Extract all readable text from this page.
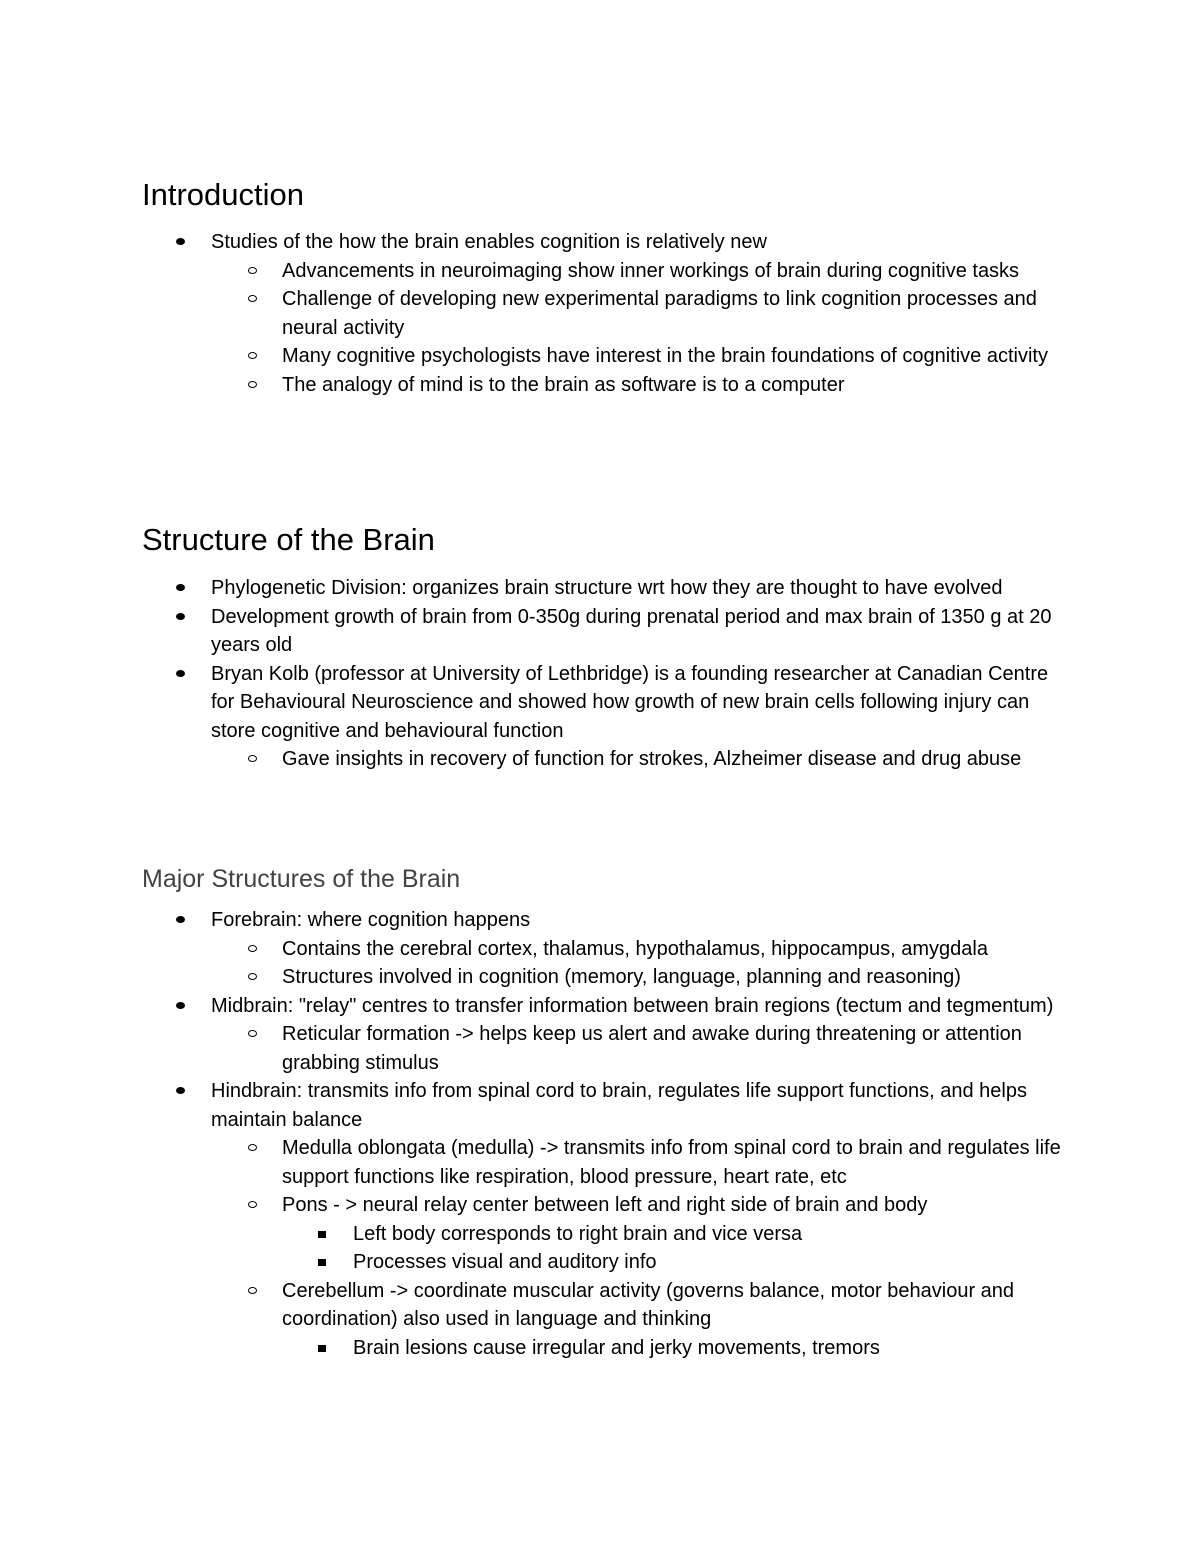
Introduction
Studies of the how the brain enables cognition is relatively new
Advancements in neuroimaging show inner workings of brain during cognitive tasks
Challenge of developing new experimental paradigms to link cognition processes and neural activity
Many cognitive psychologists have interest in the brain foundations of cognitive activity
The analogy of mind is to the brain as software is to a computer
Structure of the Brain
Phylogenetic Division: organizes brain structure wrt how they are thought to have evolved
Development growth of brain from 0-350g during prenatal period and max brain of 1350 g at 20 years old
Bryan Kolb (professor at University of Lethbridge) is a founding researcher at Canadian Centre for Behavioural Neuroscience and showed how growth of new brain cells following injury can store cognitive and behavioural function
Gave insights in recovery of function for strokes, Alzheimer disease and drug abuse
Major Structures of the Brain
Forebrain: where cognition happens
Contains the cerebral cortex, thalamus, hypothalamus, hippocampus, amygdala
Structures involved in cognition (memory, language, planning and reasoning)
Midbrain: "relay" centres to transfer information between brain regions (tectum and tegmentum)
Reticular formation -> helps keep us alert and awake during threatening or attention grabbing stimulus
Hindbrain: transmits info from spinal cord to brain, regulates life support functions, and helps maintain balance
Medulla oblongata (medulla) -> transmits info from spinal cord to brain and regulates life support functions like respiration, blood pressure, heart rate, etc
Pons - > neural relay center between left and right side of brain and body
Left body corresponds to right brain and vice versa
Processes visual and auditory info
Cerebellum -> coordinate muscular activity (governs balance, motor behaviour and coordination) also used in language and thinking
Brain lesions cause irregular and jerky movements, tremors
